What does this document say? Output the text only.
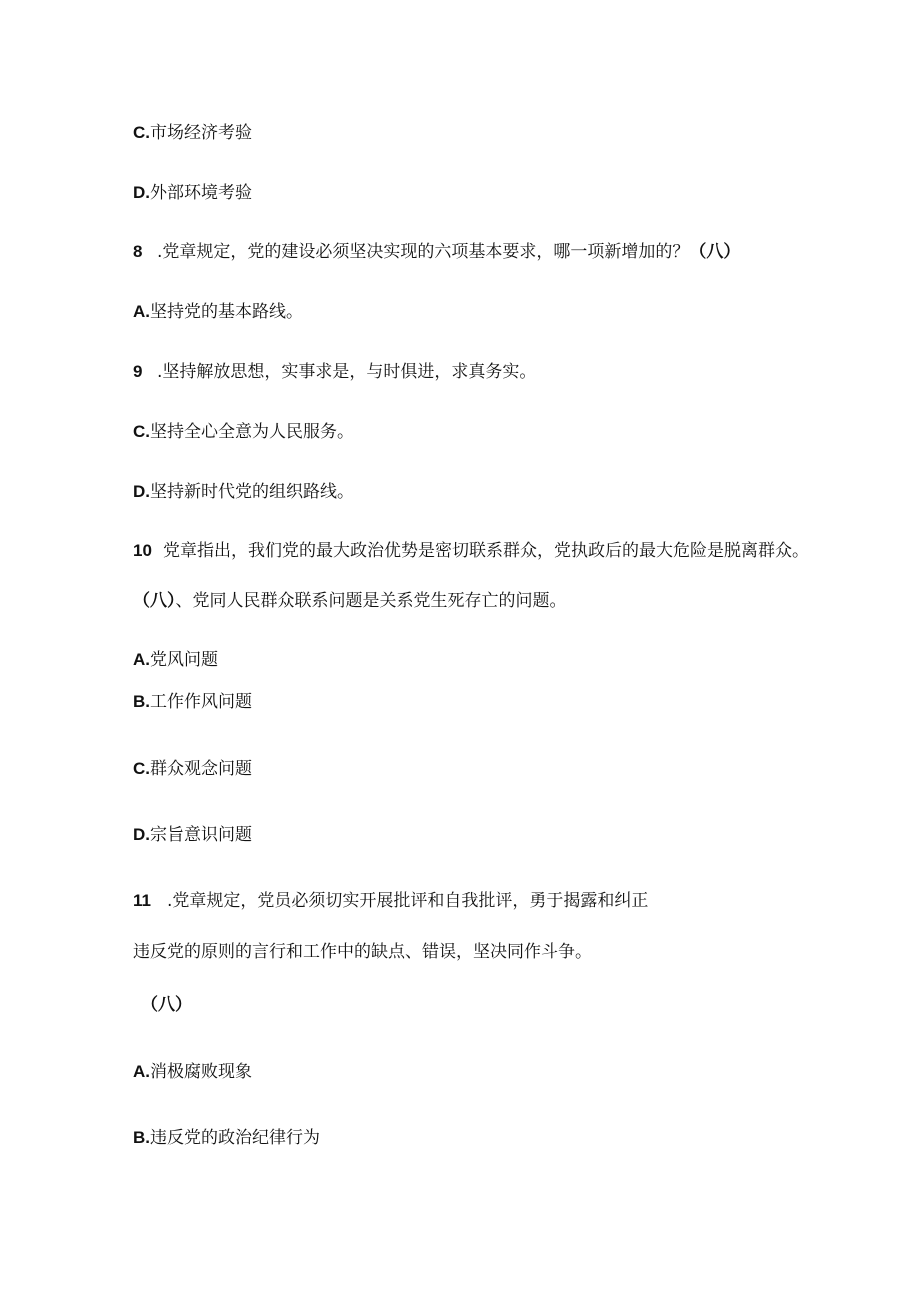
C.市场经济考验
D.外部环境考验
8 .党章规定，党的建设必须坚决实现的六项基本要求，哪一项新增加的？（八）
A.坚持党的基本路线。
9 .坚持解放思想，实事求是，与时俱进，求真务实。
C.坚持全心全意为人民服务。
D.坚持新时代党的组织路线。
10 党章指出，我们党的最大政治优势是密切联系群众，党执政后的最大危险是脱离群众。
（八）、党同人民群众联系问题是关系党生死存亡的问题。
A.党风问题
B.工作作风问题
C.群众观念问题
D.宗旨意识问题
11 .党章规定，党员必须切实开展批评和自我批评，勇于揭露和纠正
违反党的原则的言行和工作中的缺点、错误，坚决同作斗争。
（八）
A.消极腐败现象
B.违反党的政治纪律行为
